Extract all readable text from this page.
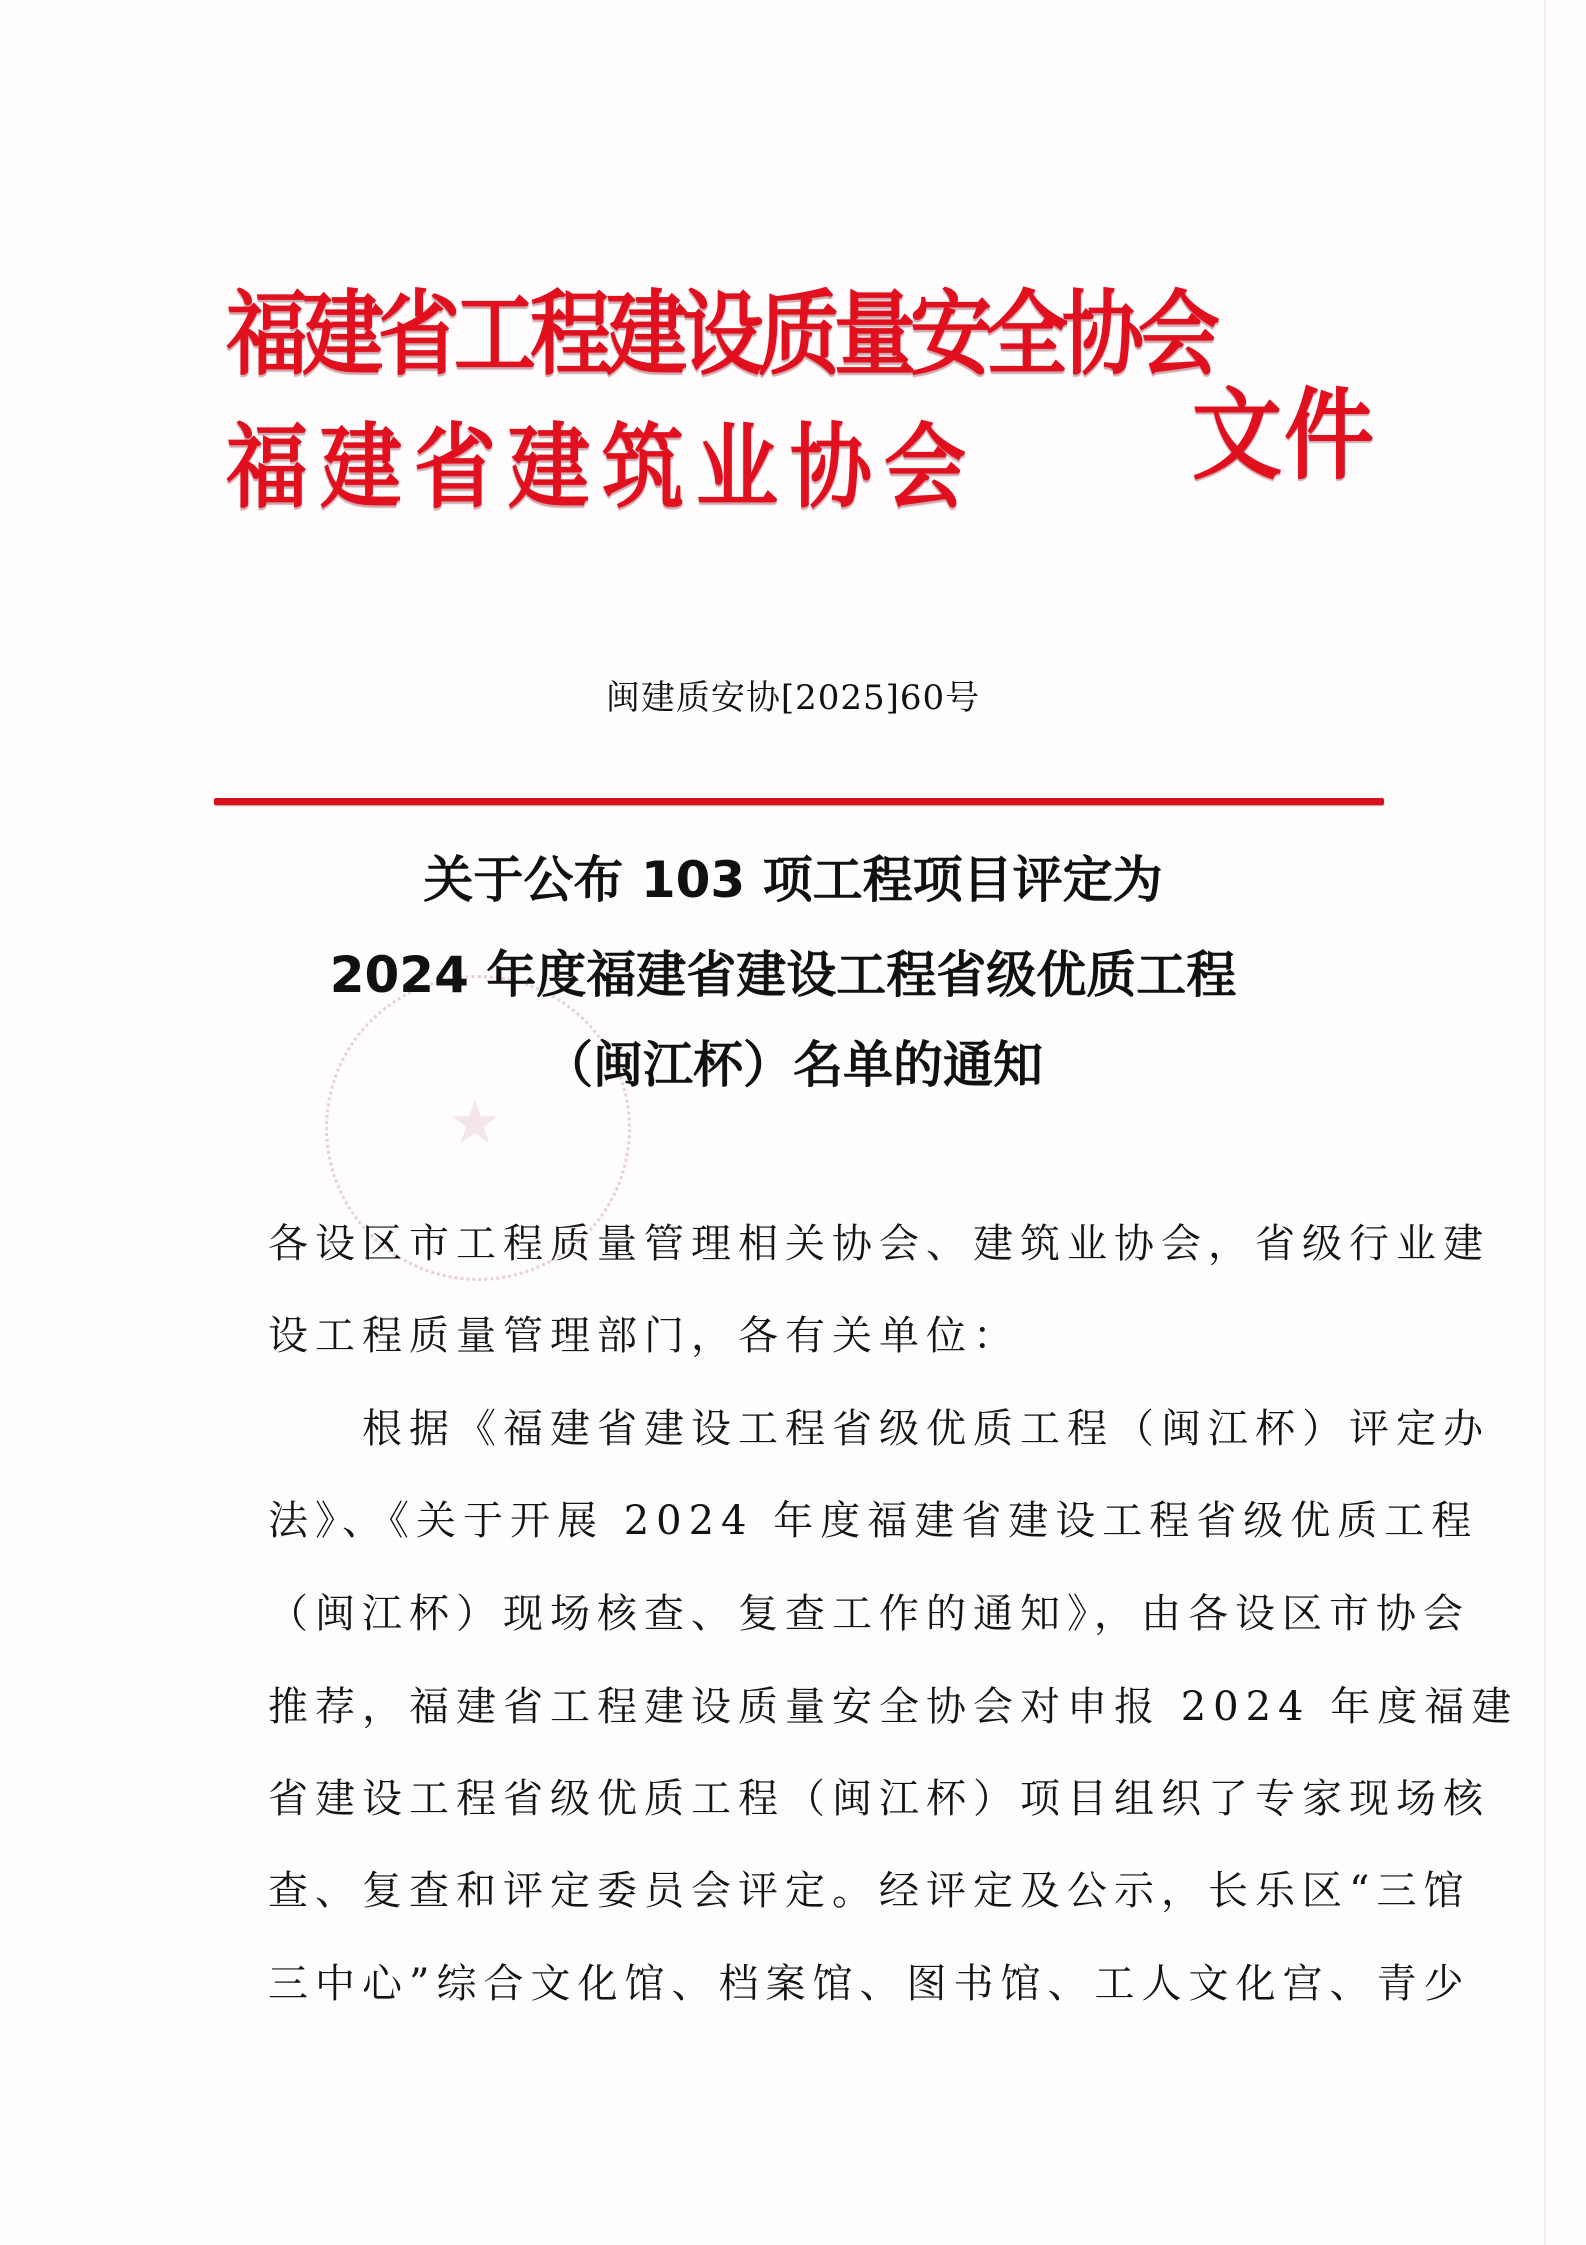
福建省工程建设质量安全协会
福建省建筑业协会 文件
闽建质安协[2025]60号
★
关于公布 103 项工程项目评定为
2024 年度福建省建设工程省级优质工程
（闽江杯）名单的通知
各设区市工程质量管理相关协会、建筑业协会，省级行业建
设工程质量管理部门，各有关单位：
　　根据《福建省建设工程省级优质工程（闽江杯）评定办
法》、《关于开展 2024 年度福建省建设工程省级优质工程
（闽江杯）现场核查、复查工作的通知》，由各设区市协会
推荐，福建省工程建设质量安全协会对申报 2024 年度福建
省建设工程省级优质工程（闽江杯）项目组织了专家现场核
查、复查和评定委员会评定。经评定及公示，长乐区“三馆
三中心”综合文化馆、档案馆、图书馆、工人文化宫、青少
